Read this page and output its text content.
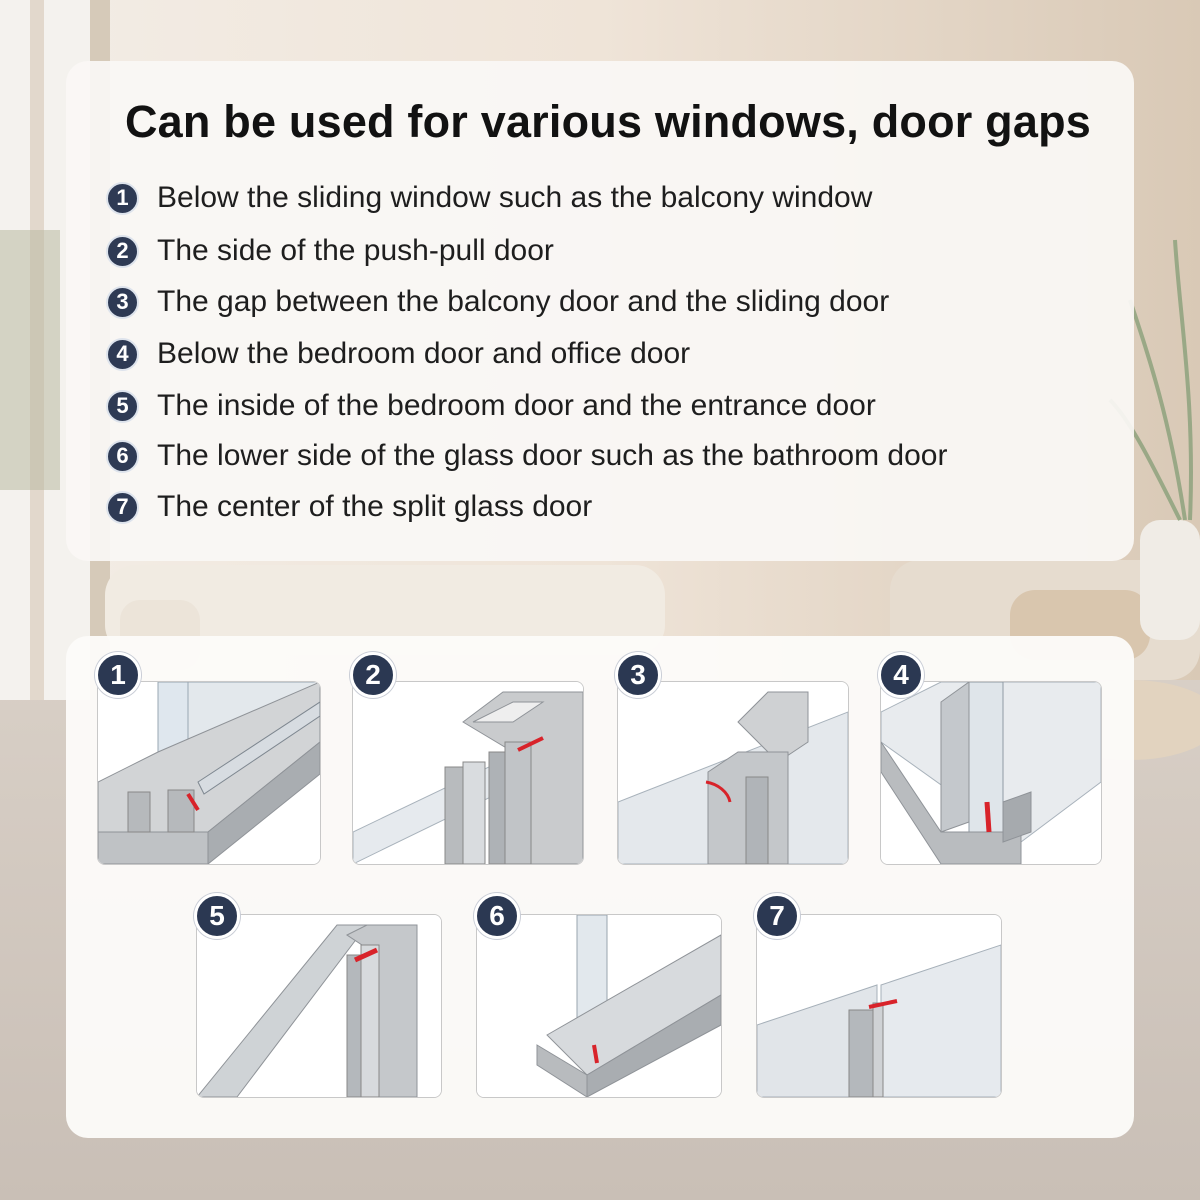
Can be used for various windows, door gaps
1 Below the sliding window such as the balcony window
2 The side of the push-pull door
3 The gap between the balcony door and the sliding door
4 Below the bedroom door and office door
5 The inside of the bedroom door and the entrance door
6 The lower side of the glass door such as the bathroom door
7 The center of the split glass door
1	2	3	4
5	6	7
